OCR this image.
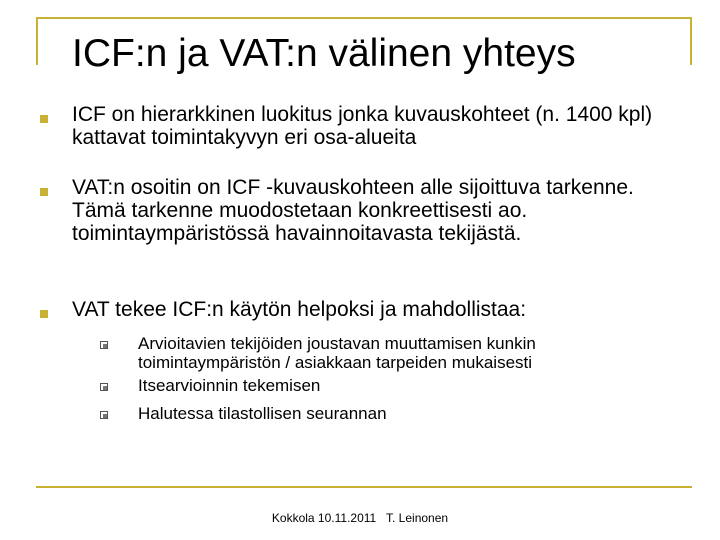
ICF:n ja VAT:n välinen yhteys
ICF on hierarkkinen luokitus jonka kuvauskohteet (n. 1400 kpl) kattavat toimintakyvyn eri osa-alueita
VAT:n osoitin on ICF -kuvauskohteen alle sijoittuva tarkenne. Tämä tarkenne muodostetaan konkreettisesti ao. toimintaympäristössä havainnoitavasta tekijästä.
VAT tekee ICF:n käytön helpoksi ja mahdollistaa:
Arvioitavien tekijöiden joustavan muuttamisen kunkin toimintaympäristön / asiakkaan tarpeiden mukaisesti
Itsearvioinnin tekemisen
Halutessa tilastollisen seurannan
Kokkola 10.11.2011 T. Leinonen
